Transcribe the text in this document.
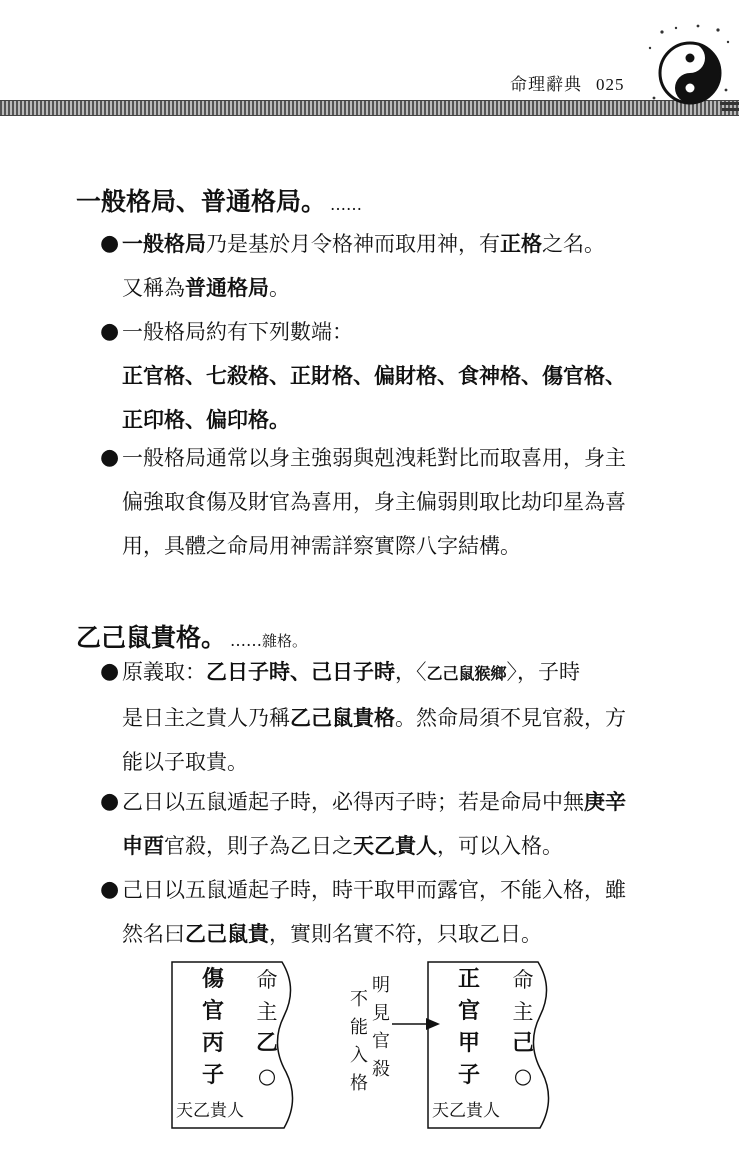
命理辭典 025
一般格局、普通格局。 ……
● 一般格局乃是基於月令格神而取用神，有正格之名。
又稱為普通格局。
● 一般格局約有下列數端：
正官格、七殺格、正財格、偏財格、食神格、傷官格、
正印格、偏印格。
● 一般格局通常以身主強弱與剋洩耗對比而取喜用，身主
偏強取食傷及財官為喜用，身主偏弱則取比劫印星為喜
用，具體之命局用神需詳察實際八字結構。
乙己鼠貴格。 ……雜格。
● 原義取：乙日子時、己日子時，〈乙己鼠猴鄉〉，子時
是日主之貴人乃稱乙己鼠貴格。然命局須不見官殺，方
能以子取貴。
● 乙日以五鼠遁起子時，必得丙子時；若是命局中無庚辛
申酉官殺，則子為乙日之天乙貴人，可以入格。
● 己日以五鼠遁起子時，時干取甲而露官，不能入格，雖
然名曰乙己鼠貴，實則名實不符，只取乙日。
傷
官
丙
子
命
主
乙
○
天乙貴人
不
能
入
格
明
見
官
殺
正
官
甲
子
命
主
己
○
天乙貴人
